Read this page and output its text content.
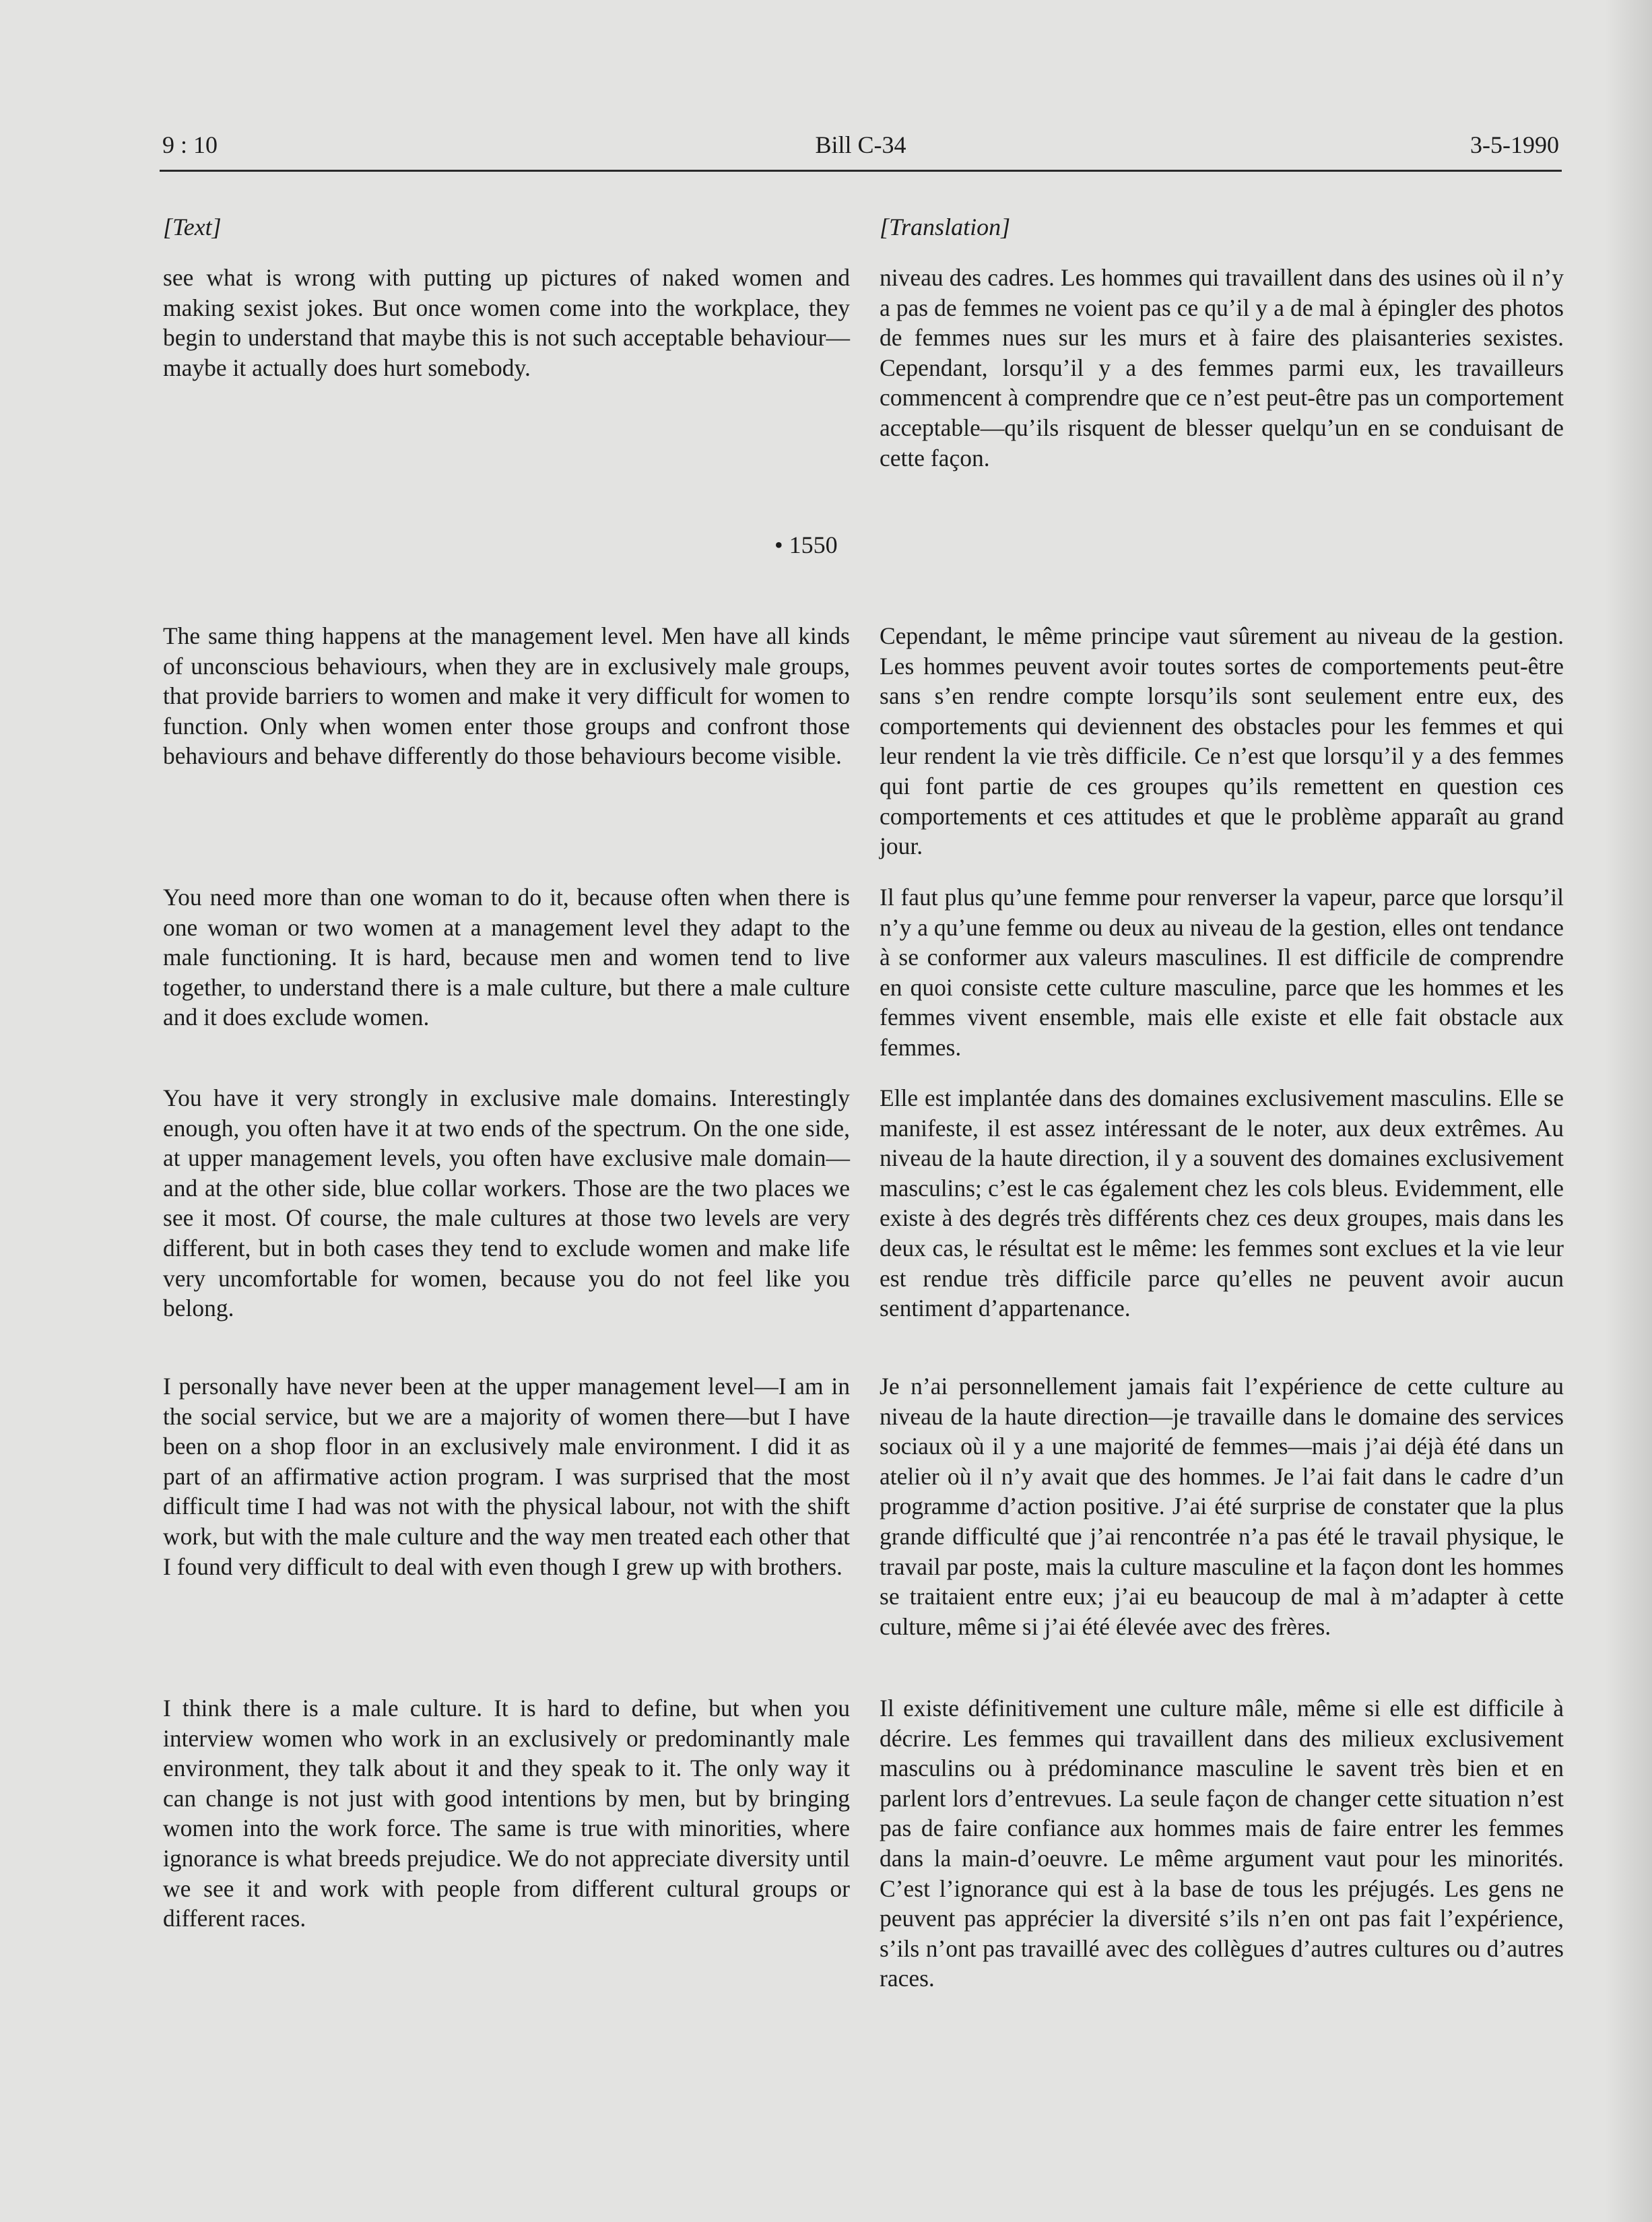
9 : 10	Bill C-34	3-5-1990
[Text]

see what is wrong with putting up pictures of naked women and making sexist jokes. But once women come into the workplace, they begin to understand that maybe this is not such acceptable behaviour—maybe it actually does hurt somebody.

The same thing happens at the management level. Men have all kinds of unconscious behaviours, when they are in exclusively male groups, that provide barriers to women and make it very difficult for women to function. Only when women enter those groups and confront those behaviours and behave differently do those behaviours become visible.

You need more than one woman to do it, because often when there is one woman or two women at a management level they adapt to the male functioning. It is hard, because men and women tend to live together, to understand there is a male culture, but there a male culture and it does exclude women.

You have it very strongly in exclusive male domains. Interestingly enough, you often have it at two ends of the spectrum. On the one side, at upper management levels, you often have exclusive male domain— and at the other side, blue collar workers. Those are the two places we see it most. Of course, the male cultures at those two levels are very different, but in both cases they tend to exclude women and make life very uncomfortable for women, because you do not feel like you belong.

I personally have never been at the upper management level—I am in the social service, but we are a majority of women there—but I have been on a shop floor in an exclusively male environment. I did it as part of an affirmative action program. I was surprised that the most difficult time I had was not with the physical labour, not with the shift work, but with the male culture and the way men treated each other that I found very difficult to deal with even though I grew up with brothers.

I think there is a male culture. It is hard to define, but when you interview women who work in an exclusively or predominantly male environment, they talk about it and they speak to it. The only way it can change is not just with good intentions by men, but by bringing women into the work force. The same is true with minorities, where ignorance is what breeds prejudice. We do not appreciate diversity until we see it and work with people from different cultural groups or different races.

[Translation]

niveau des cadres. Les hommes qui travaillent dans des usines où il n’y a pas de femmes ne voient pas ce qu’il y a de mal à épingler des photos de femmes nues sur les murs et à faire des plaisanteries sexistes. Cependant, lorsqu’il y a des femmes parmi eux, les travailleurs commencent à comprendre que ce n’est peut-être pas un comportement acceptable—qu’ils risquent de blesser quelqu’un en se conduisant de cette façon.

Cependant, le même principe vaut sûrement au niveau de la gestion. Les hommes peuvent avoir toutes sortes de comportements peut-être sans s’en rendre compte lorsqu’ils sont seulement entre eux, des comportements qui deviennent des obstacles pour les femmes et qui leur rendent la vie très difficile. Ce n’est que lorsqu’il y a des femmes qui font partie de ces groupes qu’ils remettent en question ces comportements et ces attitudes et que le problème apparaît au grand jour.

Il faut plus qu’une femme pour renverser la vapeur, parce que lorsqu’il n’y a qu’une femme ou deux au niveau de la gestion, elles ont tendance à se conformer aux valeurs masculines. Il est difficile de comprendre en quoi consiste cette culture masculine, parce que les hommes et les femmes vivent ensemble, mais elle existe et elle fait obstacle aux femmes.

Elle est implantée dans des domaines exclusivement masculins. Elle se manifeste, il est assez intéressant de le noter, aux deux extrêmes. Au niveau de la haute direction, il y a souvent des domaines exclusivement masculins; c’est le cas également chez les cols bleus. Evidemment, elle existe à des degrés très différents chez ces deux groupes, mais dans les deux cas, le résultat est le même: les femmes sont exclues et la vie leur est rendue très difficile parce qu’elles ne peuvent avoir aucun sentiment d’appartenance.

Je n’ai personnellement jamais fait l’expérience de cette culture au niveau de la haute direction—je travaille dans le domaine des services sociaux où il y a une majorité de femmes—mais j’ai déjà été dans un atelier où il n’y avait que des hommes. Je l’ai fait dans le cadre d’un programme d’action positive. J’ai été surprise de constater que la plus grande difficulté que j’ai rencontrée n’a pas été le travail physique, le travail par poste, mais la culture masculine et la façon dont les hommes se traitaient entre eux; j’ai eu beaucoup de mal à m’adapter à cette culture, même si j’ai été élevée avec des frères.

Il existe définitivement une culture mâle, même si elle est difficile à décrire. Les femmes qui travaillent dans des milieux exclusivement masculins ou à prédominance masculine le savent très bien et en parlent lors d’entrevues. La seule façon de changer cette situation n’est pas de faire confiance aux hommes mais de faire entrer les femmes dans la main-d’oeuvre. Le même argument vaut pour les minorités. C’est l’ignorance qui est à la base de tous les préjugés. Les gens ne peuvent pas apprécier la diversité s’ils n’en ont pas fait l’expérience, s’ils n’ont pas travaillé avec des collègues d’autres cultures ou d’autres races.

• 1550
